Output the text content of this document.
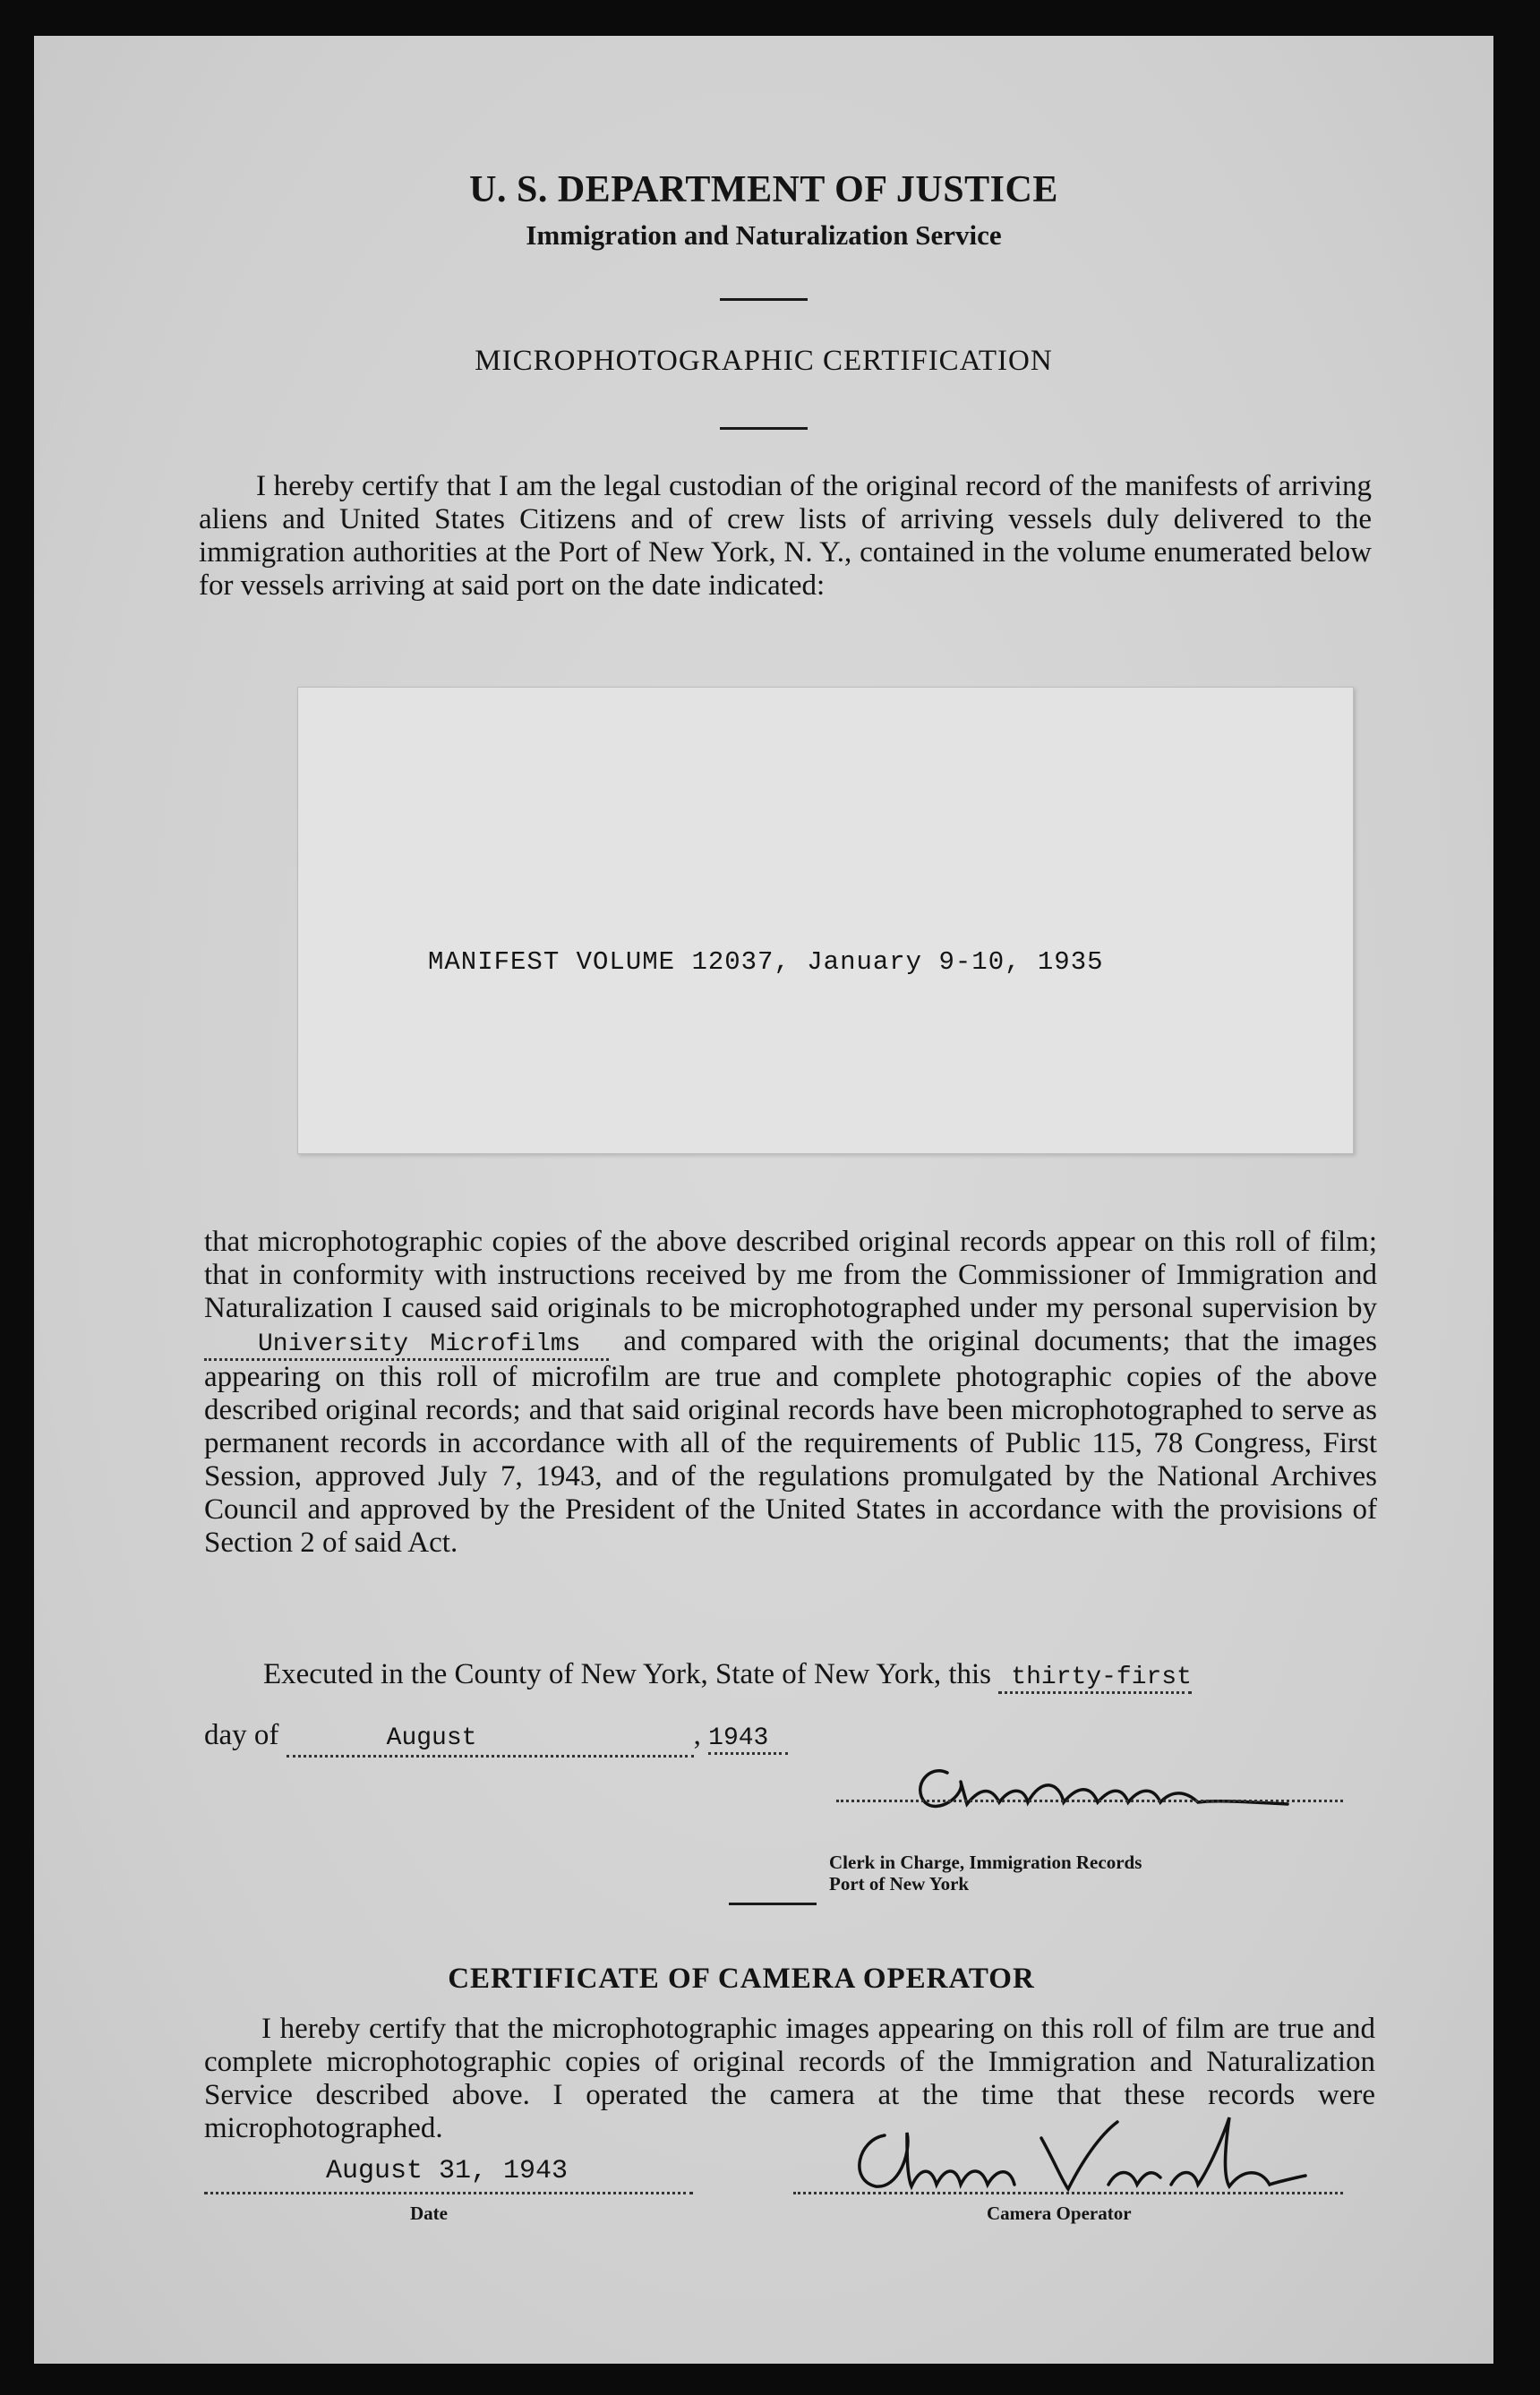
U. S. DEPARTMENT OF JUSTICE
Immigration and Naturalization Service
MICROPHOTOGRAPHIC CERTIFICATION
I hereby certify that I am the legal custodian of the original record of the manifests of arriving aliens and United States Citizens and of crew lists of arriving vessels duly delivered to the immigration authorities at the Port of New York, N. Y., contained in the volume enumerated below for vessels arriving at said port on the date indicated:
MANIFEST VOLUME 12037, January 9-10, 1935
that microphotographic copies of the above described original records appear on this roll of film; that in conformity with instructions received by me from the Commissioner of Immigration and Naturalization I caused said originals to be microphotographed under my personal supervision by University Microfilms and compared with the original documents; that the images appearing on this roll of microfilm are true and complete photographic copies of the above described original records; and that said original records have been microphotographed to serve as permanent records in accordance with all of the requirements of Public 115, 78 Congress, First Session, approved July 7, 1943, and of the regulations promulgated by the National Archives Council and approved by the President of the United States in accordance with the provisions of Section 2 of said Act.
Executed in the County of New York, State of New York, this thirty-first
day of	August	, 1943
Clerk in Charge, Immigration Records
Port of New York
CERTIFICATE OF CAMERA OPERATOR
I hereby certify that the microphotographic images appearing on this roll of film are true and complete microphotographic copies of original records of the Immigration and Naturalization Service described above. I operated the camera at the time that these records were microphotographed.
August 31, 1943
Date	Camera Operator
